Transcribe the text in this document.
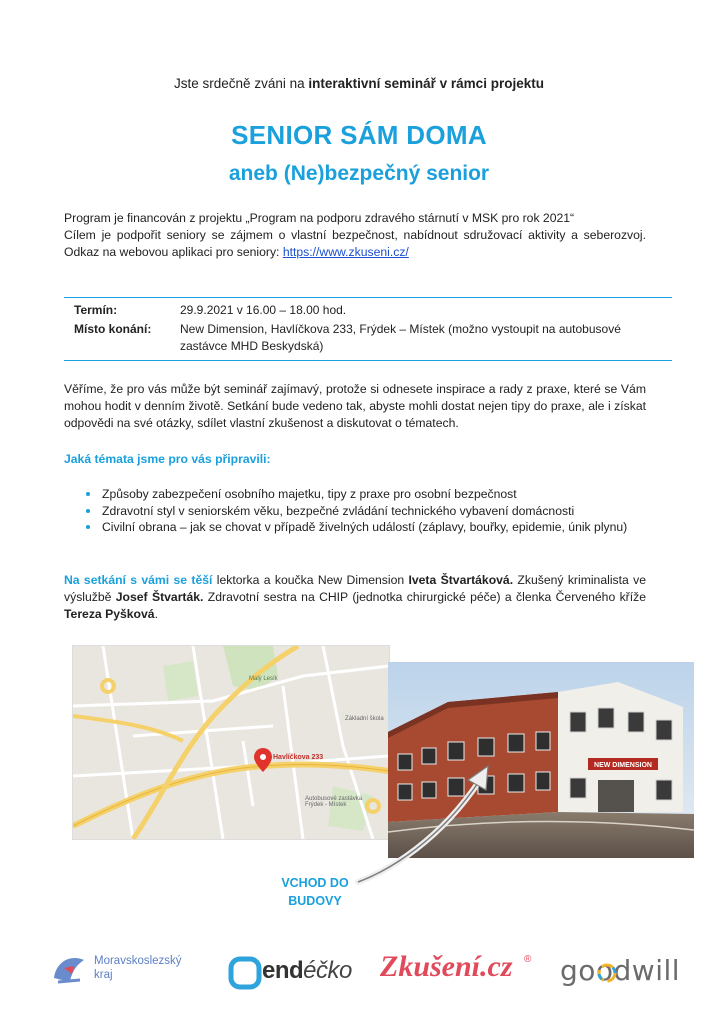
Jste srdečně zváni na interaktivní seminář v rámci projektu
SENIOR SÁM DOMA
aneb (Ne)bezpečný senior
Program je financován z projektu „Program na podporu zdravého stárnutí v MSK pro rok 2021“
Cílem je podpořit seniory se zájmem o vlastní bezpečnost, nabídnout sdružovací aktivity a seberozvoj. Odkaz na webovou aplikaci pro seniory: https://www.zkuseni.cz/
Termín:	29.9.2021 v 16.00 – 18.00 hod.
Místo konání:	New Dimension, Havlíčkova 233, Frýdek – Místek (možno vystoupit na autobusové zastávce MHD Beskydská)
Věříme, že pro vás může být seminář zajímavý, protože si odnesete inspirace a rady z praxe, které se Vám mohou hodit v denním životě. Setkání bude vedeno tak, abyste mohli dostat nejen tipy do praxe, ale i získat odpovědi na své otázky, sdílet vlastní zkušenost a diskutovat o tématech.
Jaká témata jsme pro vás připravili:
Způsoby zabezpečení osobního majetku, tipy z praxe pro osobní bezpečnost
Zdravotní styl v seniorském věku, bezpečné zvládání technického vybavení domácnosti
Civilní obrana – jak se chovat v případě živelných událostí (záplavy, bouřky, epidemie, únik plynu)
Na setkání s vámi se těší lektorka a koučka New Dimension Iveta Štvartáková. Zkušený kriminalista ve výslužbě Josef Štvarták. Zdravotní sestra na CHIP (jednotka chirurgické péče) a členka Červeného kříže Tereza Pyšková.
Havlíčkova 233
Malý Lesík
Základní škola
Autobusové zastávka Frýdek - Místek
NEW DIMENSION
VCHOD DO
BUDOVY
Moravskoslezský
kraj	endéčko Zkušení.cz ® goodwill
